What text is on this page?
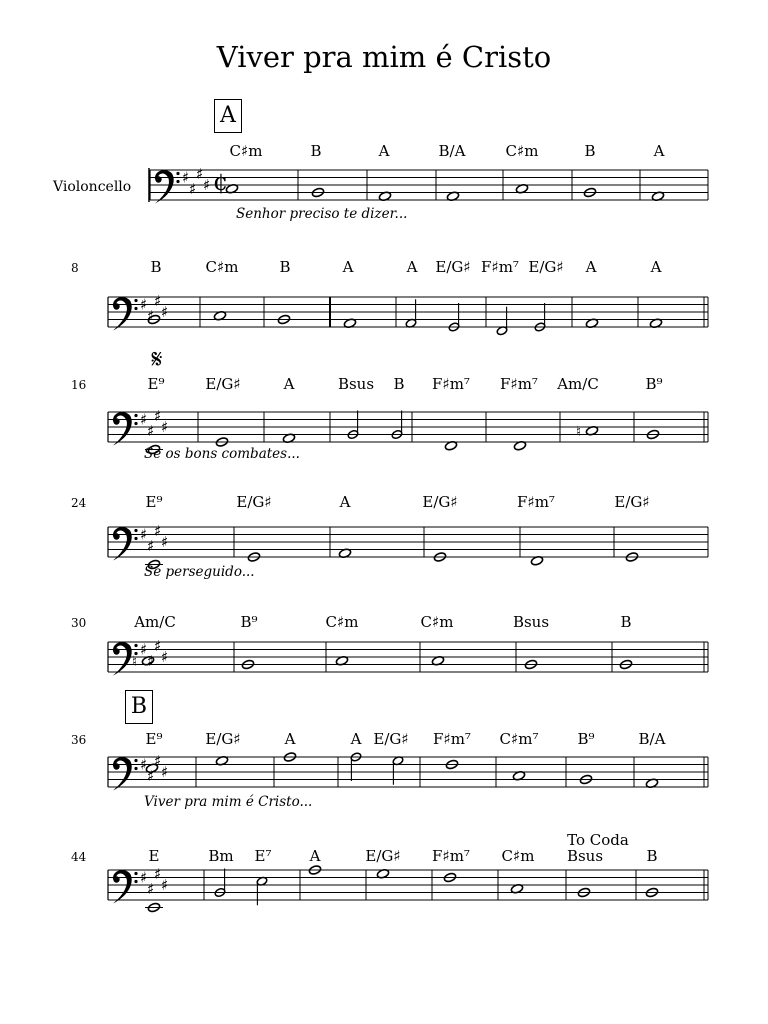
Viver pra mim é Cristo
A
B
♯
♯
♯
♯ ¢
C♯m	B	A	B/A	C♯m	B	A
Senhor preciso te dizer...
Violoncello
♯
♯
♯
♯
8	B	C♯m	B	A	A E/G♯ F♯m⁷ E/G♯ A	A
♯
♯
♯
♯
16	E⁹	E/G♯	A	Bsus B F♯m⁷ F♯m⁷ Am/C	B⁹
Se os bons combates...
♮
𝄋
♯
♯
♯
♯
24	E⁹	E/G♯	A	E/G♯	F♯m⁷	E/G♯
Se perseguido...
♯
♯
♯
♯
30	Am/C	B⁹	C♯m	C♯m	Bsus	B
♮
♯
♯
♯
♯
36	E⁹	E/G♯	A	A E/G♯ F♯m⁷ C♯m⁷	B⁹	B/A
Viver pra mim é Cristo...
♯
♯
♯
♯
44	E	Bm E⁷	A	E/G♯ F♯m⁷ C♯m Bsus	B
To Coda
